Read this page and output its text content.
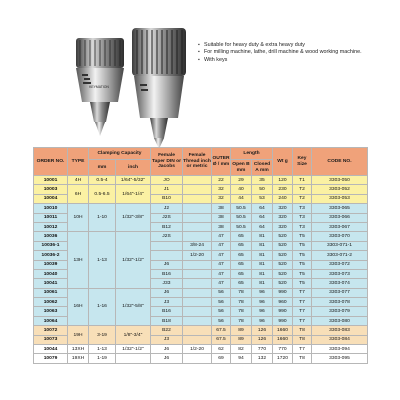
KEYMATION
▪ Suitable for heavy duty & extra heavy duty
▪ For milling machine, lathe, drill machine & wood working machine.
▪ With keys
ORDER NO.	TYPE	Clamping Capacity		Female Taper DIN or Jacobs	Female Thread inch or metric	OUTER Ø / mm	Length		Wt g	Key Size	CODE NO.
		mm	inch				Open B mm	Closed A mm			
10001	4H	0.5-4	1/64"-5/32"	JO		22	29	35	120	T1	3303-050
10003	6H	0.5-6.5	1/64"-1/4"	J1		32	40	50	230	T2	3303-052
10004				B10		32	44	53	240	T2	3303-053
10010	10H	1-10	1/32"-3/8"	J2		38	50.5	64	320	T3	3303-065
10011				J2S		38	50.5	64	320	T3	3303-066
10012				B12		38	50.5	64	320	T3	3303-067
10036	13H	1-13	1/32"-1/2"	J2S		47	65	81	520	T5	3303-070
10036-1					3/8-24	47	65	81	520	T5	3303-071-1
10036-2					1/2-20	47	65	81	520	T5	3303-071-2
10039				J6		47	65	81	520	T5	3303-072
10040				B16		47	65	81	520	T5	3303-073
10041				J33		47	65	81	520	T5	3303-074
10061	16H	1-16	1/32"-5/8"	J6		56	78	96	990	T7	3303-077
10062				J3		56	78	96	960	T7	3303-078
10063				B16		56	78	96	990	T7	3303-079
10064				B18		56	78	96	990	T7	3303-080
10072	19H	3-19	1/8"-3/4"	B22		67.5	89	126	1660	T8	3303-083
10073				J3		67.5	89	126	1660	T8	3303-084
10044	13XH	1-13	1/32"-1/2"	J6	1/2-20	62	82	770	770	T7	3303-094
10079	19XH	1-19		J6		69	94	132	1720	T8	3303-095
